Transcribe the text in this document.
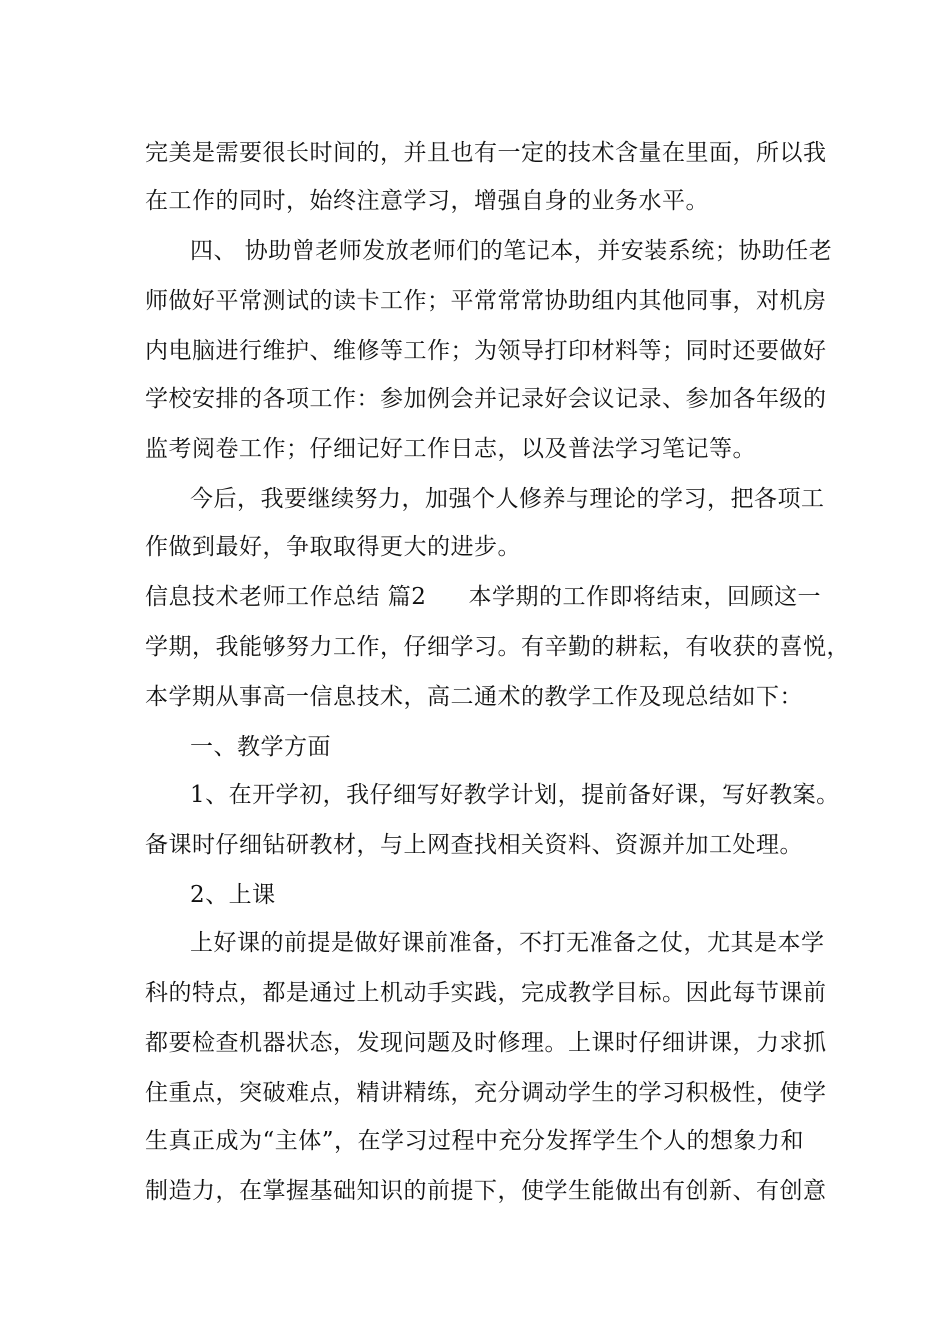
完美是需要很长时间的，并且也有一定的技术含量在里面，所以我
在工作的同时，始终注意学习，增强自身的业务水平。
四、 协助曾老师发放老师们的笔记本，并安装系统；协助任老
师做好平常测试的读卡工作；平常常常协助组内其他同事，对机房
内电脑进行维护、维修等工作；为领导打印材料等；同时还要做好
学校安排的各项工作：参加例会并记录好会议记录、参加各年级的
监考阅卷工作；仔细记好工作日志，以及普法学习笔记等。
今后，我要继续努力，加强个人修养与理论的学习，把各项工
作做到最好，争取取得更大的进步。
信息技术老师工作总结 篇2 本学期的工作即将结束，回顾这一
学期，我能够努力工作，仔细学习。有辛勤的耕耘，有收获的喜悦，
本学期从事高一信息技术，高二通术的教学工作及现总结如下：
一、教学方面
1、在开学初，我仔细写好教学计划，提前备好课，写好教案。
备课时仔细钻研教材，与上网查找相关资料、资源并加工处理。
2、上课
上好课的前提是做好课前准备，不打无准备之仗，尤其是本学
科的特点，都是通过上机动手实践，完成教学目标。因此每节课前
都要检查机器状态，发现问题及时修理。上课时仔细讲课，力求抓
住重点，突破难点，精讲精练，充分调动学生的学习积极性，使学
生真正成为“主体”，在学习过程中充分发挥学生个人的想象力和
制造力，在掌握基础知识的前提下，使学生能做出有创新、有创意
